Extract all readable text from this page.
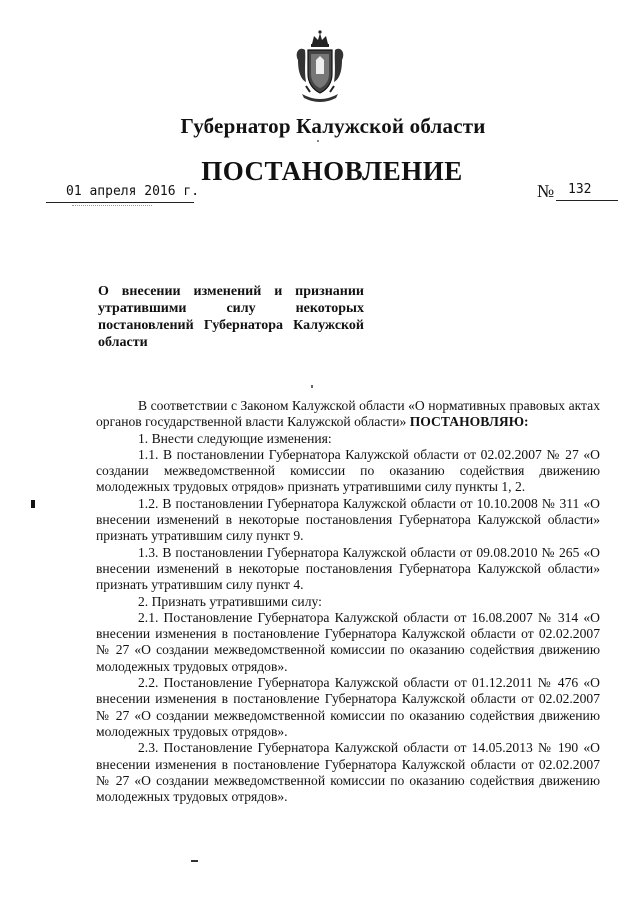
Губернатор Калужской области
ПОСТАНОВЛЕНИЕ
01 апреля 2016 г.	№ 132
О внесении изменений и признании
утратившими силу некоторых
постановлений Губернатора Калужской
области

В соответствии с Законом Калужской области «О нормативных правовых актах органов государственной власти Калужской области» ПОСТАНОВЛЯЮ:

1. Внести следующие изменения:

1.1. В постановлении Губернатора Калужской области от 02.02.2007 № 27 «О создании межведомственной комиссии по оказанию содействия движению молодежных трудовых отрядов» признать утратившими силу пункты 1, 2.

1.2. В постановлении Губернатора Калужской области от 10.10.2008 № 311 «О внесении изменений в некоторые постановления Губернатора Калужской области» признать утратившим силу пункт 9.

1.3. В постановлении Губернатора Калужской области от 09.08.2010 № 265 «О внесении изменений в некоторые постановления Губернатора Калужской области» признать утратившим силу пункт 4.

2. Признать утратившими силу:

2.1. Постановление Губернатора Калужской области от 16.08.2007 № 314 «О внесении изменения в постановление Губернатора Калужской области от 02.02.2007 № 27 «О создании межведомственной комиссии по оказанию содействия движению молодежных трудовых отрядов».

2.2. Постановление Губернатора Калужской области от 01.12.2011 № 476 «О внесении изменения в постановление Губернатора Калужской области от 02.02.2007 № 27 «О создании межведомственной комиссии по оказанию содействия движению молодежных трудовых отрядов».

2.3. Постановление Губернатора Калужской области от 14.05.2013 № 190 «О внесении изменения в постановление Губернатора Калужской области от 02.02.2007 № 27 «О создании межведомственной комиссии по оказанию содействия движению молодежных трудовых отрядов».
